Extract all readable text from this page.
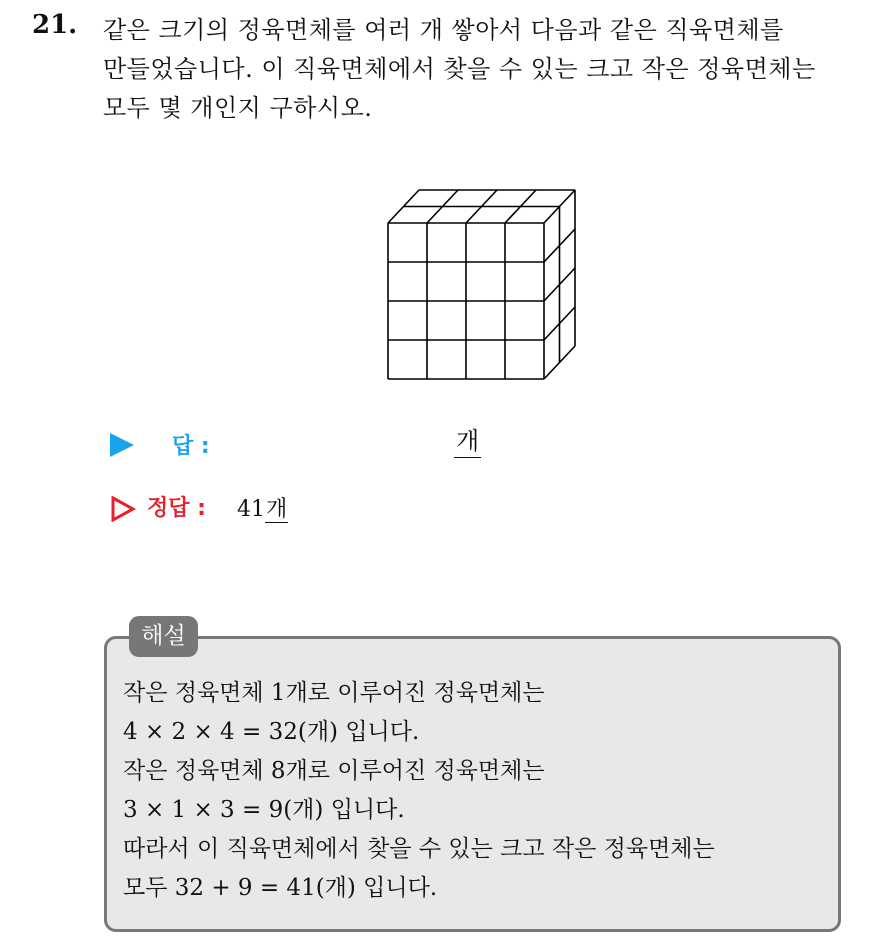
21. 같은 크기의 정육면체를 여러 개 쌓아서 다음과 같은 직육면체를
만들었습니다. 이 직육면체에서 찾을 수 있는 크고 작은 정육면체는
모두 몇 개인지 구하시오.
답 :	개
정답 : 41개
해설
작은 정육면체 1개로 이루어진 정육면체는
4 × 2 × 4 = 32(개) 입니다.
작은 정육면체 8개로 이루어진 정육면체는
3 × 1 × 3 = 9(개) 입니다.
따라서 이 직육면체에서 찾을 수 있는 크고 작은 정육면체는
모두 32 + 9 = 41(개) 입니다.
